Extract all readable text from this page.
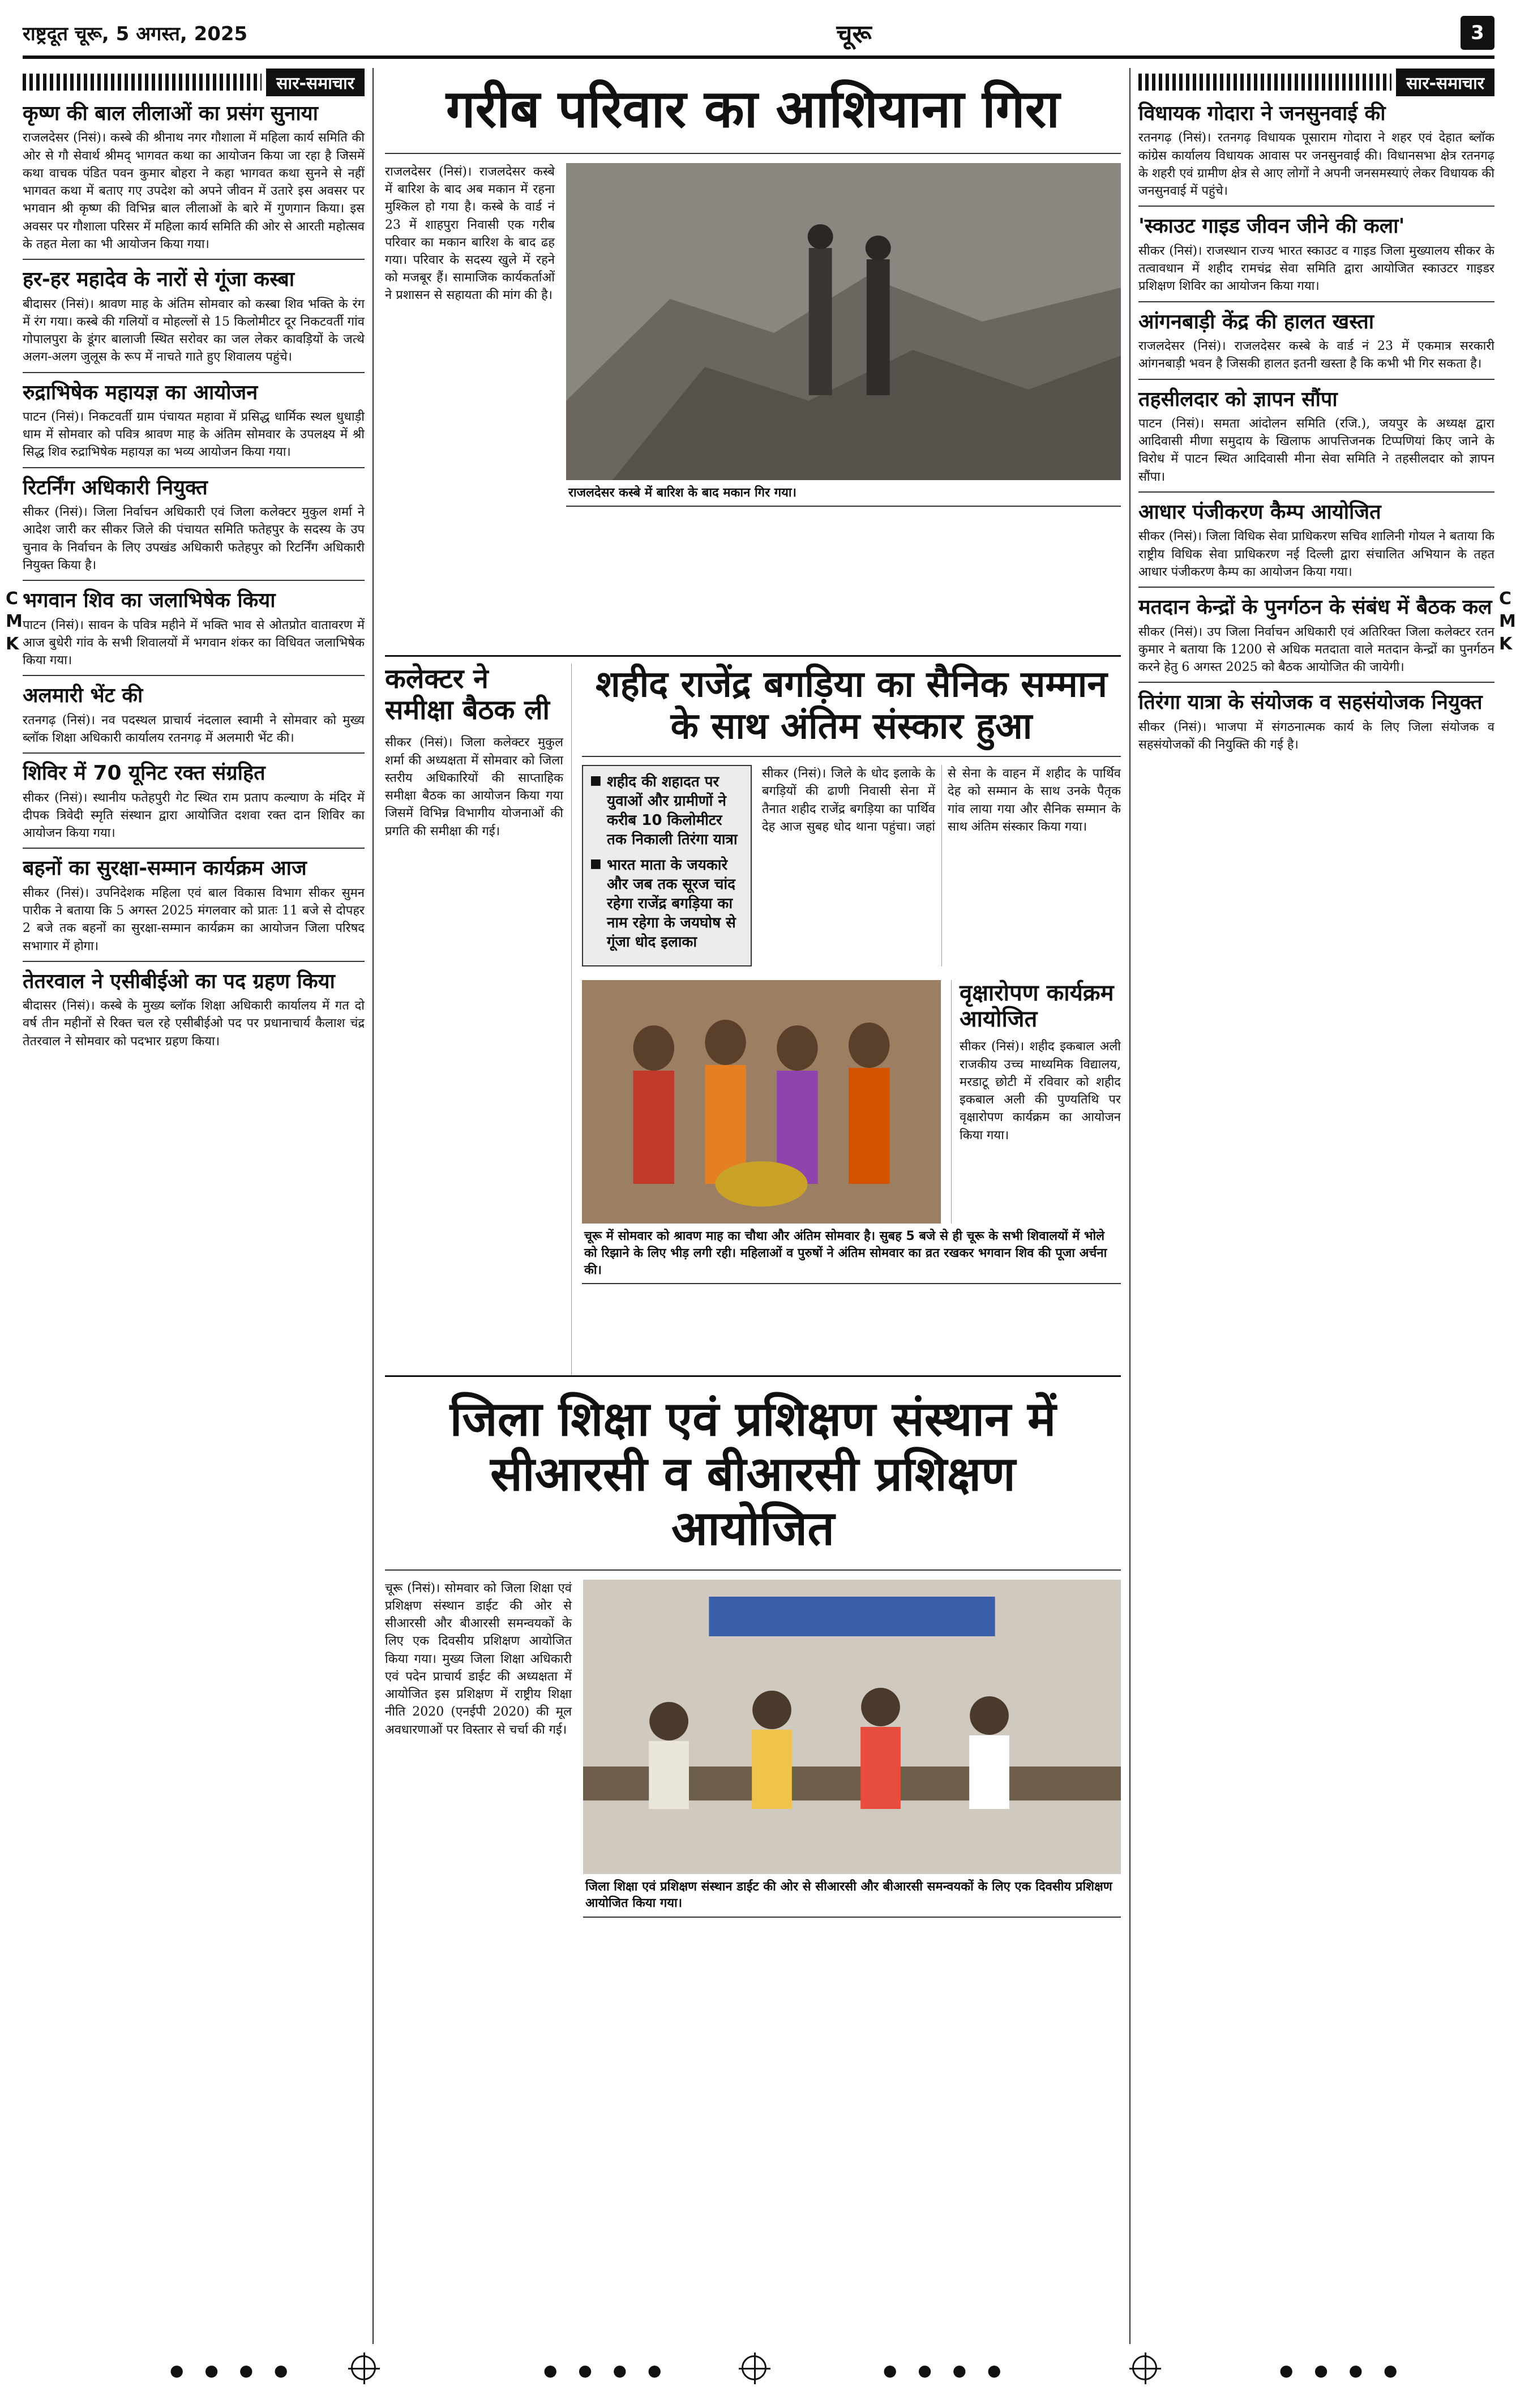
राष्ट्रदूत चूरू, 5 अगस्त, 2025	चूरू	3
सार-समाचार
कृष्ण की बाल लीलाओं का प्रसंग सुनाया

राजलदेसर (निसं)। कस्बे की श्रीनाथ नगर गौशाला में महिला कार्य समिति की ओर से गौ सेवार्थ श्रीमद् भागवत कथा का आयोजन किया जा रहा है जिसमें कथा वाचक पंडित पवन कुमार बोहरा ने कहा भागवत कथा सुनने से नहीं भागवत कथा में बताए गए उपदेश को अपने जीवन में उतारे इस अवसर पर भगवान श्री कृष्ण की विभिन्न बाल लीलाओं के बारे में गुणगान किया। इस अवसर पर गौशाला परिसर में महिला कार्य समिति की ओर से आरती महोत्सव के तहत मेला का भी आयोजन किया गया।

हर-हर महादेव के नारों से गूंजा कस्बा

बीदासर (निसं)। श्रावण माह के अंतिम सोमवार को कस्बा शिव भक्ति के रंग में रंग गया। कस्बे की गलियों व मोहल्लों से 15 किलोमीटर दूर निकटवर्ती गांव गोपालपुरा के डूंगर बालाजी स्थित सरोवर का जल लेकर कावड़ियों के जत्थे अलग-अलग जुलूस के रूप में नाचते गाते हुए शिवालय पहुंचे।

रुद्राभिषेक महायज्ञ का आयोजन

पाटन (निसं)। निकटवर्ती ग्राम पंचायत महावा में प्रसिद्ध धार्मिक स्थल धुधाड़ी धाम में सोमवार को पवित्र श्रावण माह के अंतिम सोमवार के उपलक्ष्य में श्री सिद्ध शिव रुद्राभिषेक महायज्ञ का भव्य आयोजन किया गया।

रिटर्निंग अधिकारी नियुक्त

सीकर (निसं)। जिला निर्वाचन अधिकारी एवं जिला कलेक्टर मुकुल शर्मा ने आदेश जारी कर सीकर जिले की पंचायत समिति फतेहपुर के सदस्य के उप चुनाव के निर्वाचन के लिए उपखंड अधिकारी फतेहपुर को रिटर्निंग अधिकारी नियुक्त किया है।

भगवान शिव का जलाभिषेक किया

पाटन (निसं)। सावन के पवित्र महीने में भक्ति भाव से ओतप्रोत वातावरण में आज बुधेरी गांव के सभी शिवालयों में भगवान शंकर का विधिवत जलाभिषेक किया गया।

अलमारी भेंट की

रतनगढ़ (निसं)। नव पदस्थल प्राचार्य नंदलाल स्वामी ने सोमवार को मुख्य ब्लॉक शिक्षा अधिकारी कार्यालय रतनगढ़ में अलमारी भेंट की।

शिविर में 70 यूनिट रक्त संग्रहित

सीकर (निसं)। स्थानीय फतेहपुरी गेट स्थित राम प्रताप कल्याण के मंदिर में दीपक त्रिवेदी स्मृति संस्थान द्वारा आयोजित दशवा रक्त दान शिविर का आयोजन किया गया।

बहनों का सुरक्षा-सम्मान कार्यक्रम आज

सीकर (निसं)। उपनिदेशक महिला एवं बाल विकास विभाग सीकर सुमन पारीक ने बताया कि 5 अगस्त 2025 मंगलवार को प्रातः 11 बजे से दोपहर 2 बजे तक बहनों का सुरक्षा-सम्मान कार्यक्रम का आयोजन जिला परिषद सभागार में होगा।

तेतरवाल ने एसीबीईओ का पद ग्रहण किया

बीदासर (निसं)। कस्बे के मुख्य ब्लॉक शिक्षा अधिकारी कार्यालय में गत दो वर्ष तीन महीनों से रिक्त चल रहे एसीबीईओ पद पर प्रधानाचार्य कैलाश चंद्र तेतरवाल ने सोमवार को पदभार ग्रहण किया।

गरीब परिवार का आशियाना गिरा

राजलदेसर (निसं)। राजलदेसर कस्बे में बारिश के बाद अब मकान में रहना मुश्किल हो गया है। कस्बे के वार्ड नं 23 में शाहपुरा निवासी एक गरीब परिवार का मकान बारिश के बाद ढह गया। परिवार के सदस्य खुले में रहने को मजबूर हैं। सामाजिक कार्यकर्ताओं ने प्रशासन से सहायता की मांग की है।

राजलदेसर कस्बे में बारिश के बाद मकान गिर गया।
कलेक्टर ने समीक्षा बैठक ली

सीकर (निसं)। जिला कलेक्टर मुकुल शर्मा की अध्यक्षता में सोमवार को जिला स्तरीय अधिकारियों की साप्ताहिक समीक्षा बैठक का आयोजन किया गया जिसमें विभिन्न विभागीय योजनाओं की प्रगति की समीक्षा की गई।

शहीद राजेंद्र बगड़िया का सैनिक सम्मान के साथ अंतिम संस्कार हुआ
■ शहीद की शहादत पर युवाओं और ग्रामीणों ने करीब 10 किलोमीटर तक निकाली तिरंगा यात्रा
■ भारत माता के जयकारे और जब तक सूरज चांद रहेगा राजेंद्र बगड़िया का नाम रहेगा के जयघोष से गूंजा धोद इलाका

सीकर (निसं)। जिले के धोद इलाके के बगड़ियों की ढाणी निवासी सेना में तैनात शहीद राजेंद्र बगड़िया का पार्थिव देह आज सुबह धोद थाना पहुंचा। जहां से सेना के वाहन में शहीद के पार्थिव देह को सम्मान के साथ उनके पैतृक गांव लाया गया और सैनिक सम्मान के साथ अंतिम संस्कार किया गया।

वृक्षारोपण कार्यक्रम आयोजित

सीकर (निसं)। शहीद इकबाल अली राजकीय उच्च माध्यमिक विद्यालय, मरडाटू छोटी में रविवार को शहीद इकबाल अली की पुण्यतिथि पर वृक्षारोपण कार्यक्रम का आयोजन किया गया।

चूरू में सोमवार को श्रावण माह का चौथा और अंतिम सोमवार है। सुबह 5 बजे से ही चूरू के सभी शिवालयों में भोले को रिझाने के लिए भीड़ लगी रही। महिलाओं व पुरुषों ने अंतिम सोमवार का व्रत रखकर भगवान शिव की पूजा अर्चना की।
जिला शिक्षा एवं प्रशिक्षण संस्थान में सीआरसी व बीआरसी प्रशिक्षण आयोजित

चूरू (निसं)। सोमवार को जिला शिक्षा एवं प्रशिक्षण संस्थान डाईट की ओर से सीआरसी और बीआरसी समन्वयकों के लिए एक दिवसीय प्रशिक्षण आयोजित किया गया। मुख्य जिला शिक्षा अधिकारी एवं पदेन प्राचार्य डाईट की अध्यक्षता में आयोजित इस प्रशिक्षण में राष्ट्रीय शिक्षा नीति 2020 (एनईपी 2020) की मूल अवधारणाओं पर विस्तार से चर्चा की गई।

जिला शिक्षा एवं प्रशिक्षण संस्थान डाईट की ओर से सीआरसी और बीआरसी समन्वयकों के लिए एक दिवसीय प्रशिक्षण आयोजित किया गया।
सार-समाचार
विधायक गोदारा ने जनसुनवाई की

रतनगढ़ (निसं)। रतनगढ़ विधायक पूसाराम गोदारा ने शहर एवं देहात ब्लॉक कांग्रेस कार्यालय विधायक आवास पर जनसुनवाई की। विधानसभा क्षेत्र रतनगढ़ के शहरी एवं ग्रामीण क्षेत्र से आए लोगों ने अपनी जनसमस्याएं लेकर विधायक की जनसुनवाई में पहुंचे।

'स्काउट गाइड जीवन जीने की कला'

सीकर (निसं)। राजस्थान राज्य भारत स्काउट व गाइड जिला मुख्यालय सीकर के तत्वावधान में शहीद रामचंद्र सेवा समिति द्वारा आयोजित स्काउटर गाइडर प्रशिक्षण शिविर का आयोजन किया गया।

आंगनबाड़ी केंद्र की हालत खस्ता

राजलदेसर (निसं)। राजलदेसर कस्बे के वार्ड नं 23 में एकमात्र सरकारी आंगनबाड़ी भवन है जिसकी हालत इतनी खस्ता है कि कभी भी गिर सकता है।

तहसीलदार को ज्ञापन सौंपा

पाटन (निसं)। समता आंदोलन समिति (रजि.), जयपुर के अध्यक्ष द्वारा आदिवासी मीणा समुदाय के खिलाफ आपत्तिजनक टिप्पणियां किए जाने के विरोध में पाटन स्थित आदिवासी मीना सेवा समिति ने तहसीलदार को ज्ञापन सौंपा।

आधार पंजीकरण कैम्प आयोजित

सीकर (निसं)। जिला विधिक सेवा प्राधिकरण सचिव शालिनी गोयल ने बताया कि राष्ट्रीय विधिक सेवा प्राधिकरण नई दिल्ली द्वारा संचालित अभियान के तहत आधार पंजीकरण कैम्प का आयोजन किया गया।

मतदान केन्द्रों के पुनर्गठन के संबंध में बैठक कल

सीकर (निसं)। उप जिला निर्वाचन अधिकारी एवं अतिरिक्त जिला कलेक्टर रतन कुमार ने बताया कि 1200 से अधिक मतदाता वाले मतदान केन्द्रों का पुनर्गठन करने हेतु 6 अगस्त 2025 को बैठक आयोजित की जायेगी।

तिरंगा यात्रा के संयोजक व सहसंयोजक नियुक्त

सीकर (निसं)। भाजपा में संगठनात्मक कार्य के लिए जिला संयोजक व सहसंयोजकों की नियुक्ति की गई है।

C
M
K
C
M
K
● ● ● ●	● ● ● ●	● ● ● ●	● ● ● ●
